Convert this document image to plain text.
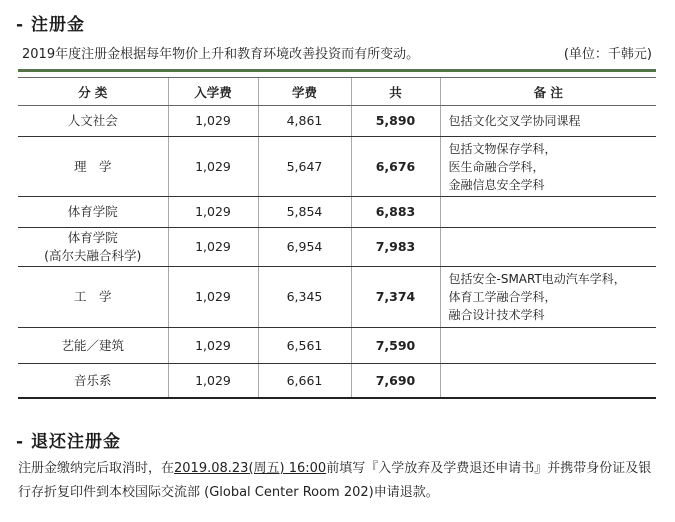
- 注册金
2019年度注册金根据每年物价上升和教育环境改善投资而有所变动。	(单位：千韩元)
分 类	入学费	学费	共	备 注
人文社会	1,029	4,861	5,890	包括文化交叉学协同课程
理　学	1,029	5,647	6,676	包括文物保存学科，
医生命融合学科，
金融信息安全学科
体育学院	1,029	5,854	6,883	
体育学院
(高尔夫融合科学)	1,029	6,954	7,983	
工　学	1,029	6,345	7,374	包括安全-SMART电动汽车学科，
体育工学融合学科，
融合设计技术学科
艺能／建筑	1,029	6,561	7,590	
音乐系	1,029	6,661	7,690	
- 退还注册金
注册金缴纳完后取消时，在2019.08.23(周五) 16:00前填写『入学放弃及学费退还申请书』并携带身份证及银行存折复印件到本校国际交流部 (Global Center Room 202)申请退款。
